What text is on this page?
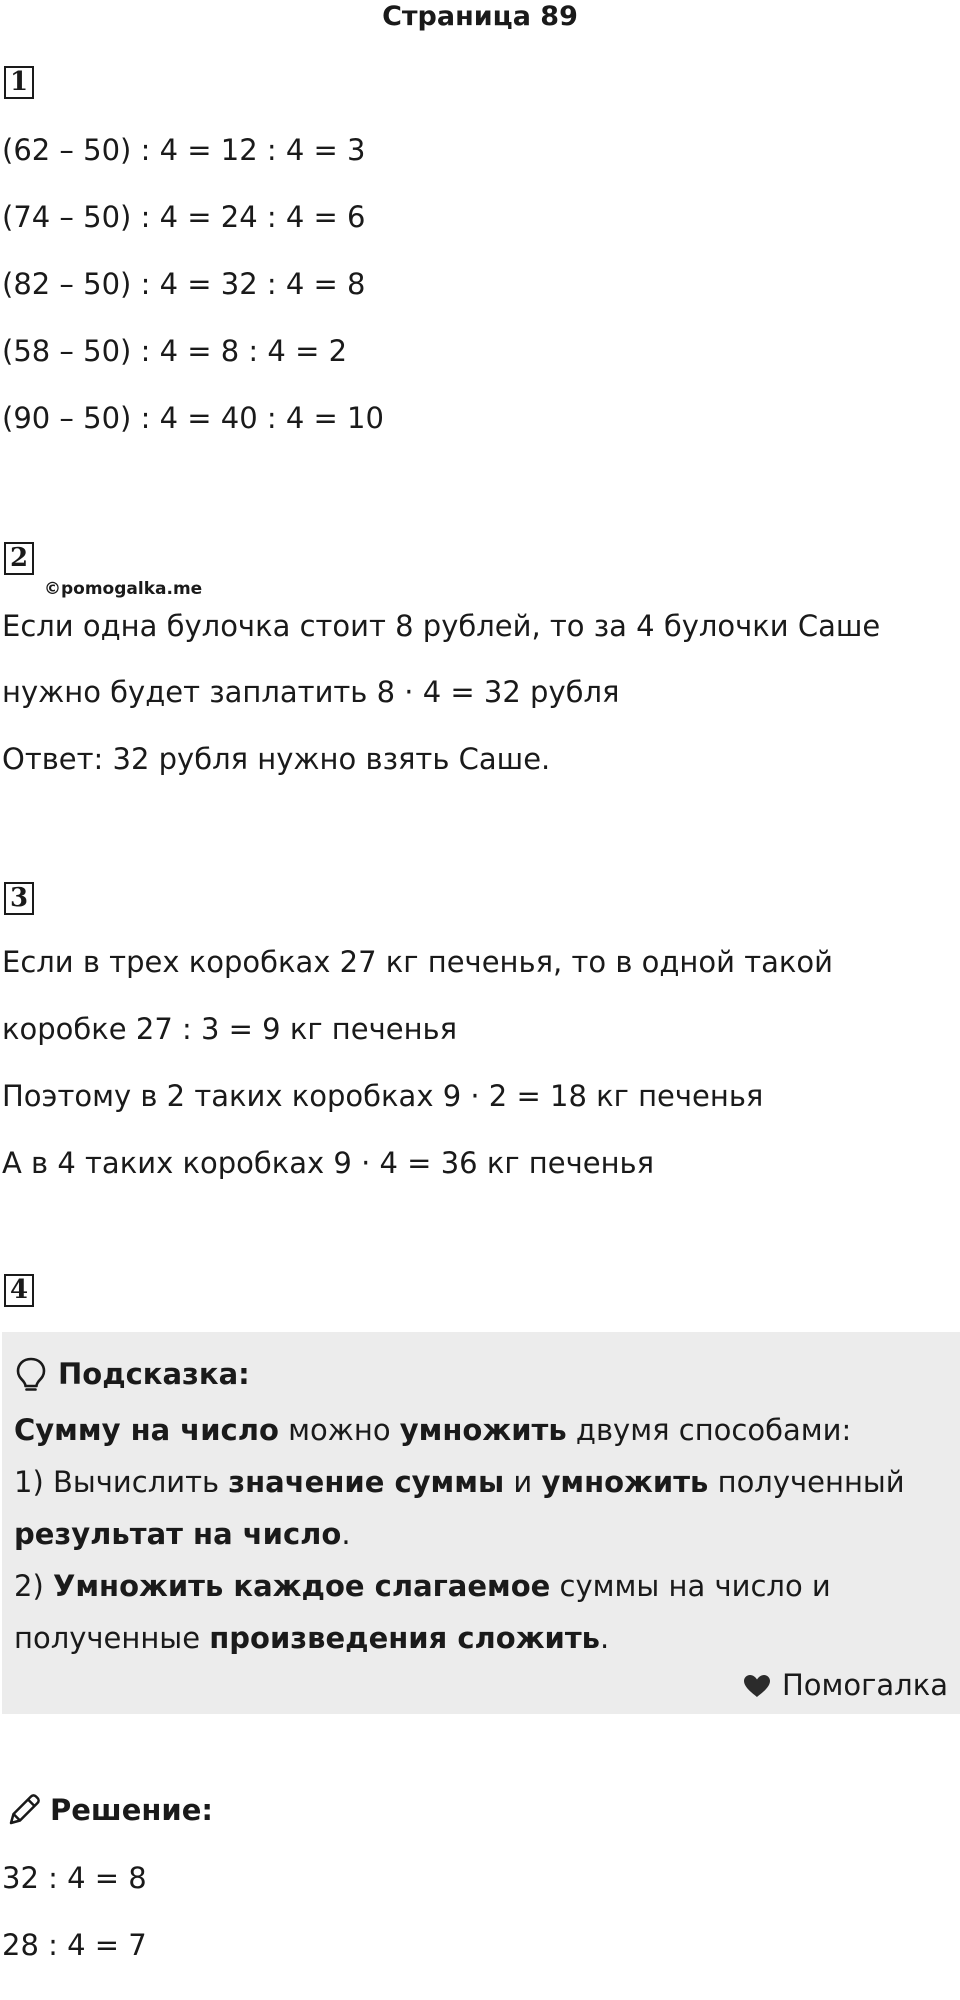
Страница 89
1
(62 – 50) : 4 = 12 : 4 = 3
(74 – 50) : 4 = 24 : 4 = 6
(82 – 50) : 4 = 32 : 4 = 8
(58 – 50) : 4 = 8 : 4 = 2
(90 – 50) : 4 = 40 : 4 = 10
2
©pomogalka.me
Если одна булочка стоит 8 рублей, то за 4 булочки Саше
нужно будет заплатить 8 · 4 = 32 рубля
Ответ: 32 рубля нужно взять Саше.
3
Если в трех коробках 27 кг печенья, то в одной такой
коробке 27 : 3 = 9 кг печенья
Поэтому в 2 таких коробках 9 · 2 = 18 кг печенья
А в 4 таких коробках 9 · 4 = 36 кг печенья
4
Подсказка:
Сумму на число можно умножить двумя способами:
1) Вычислить значение суммы и умножить полученный
результат на число.
2) Умножить каждое слагаемое суммы на число и
полученные произведения сложить.
Помогалка
Решение:
32 : 4 = 8
28 : 4 = 7
